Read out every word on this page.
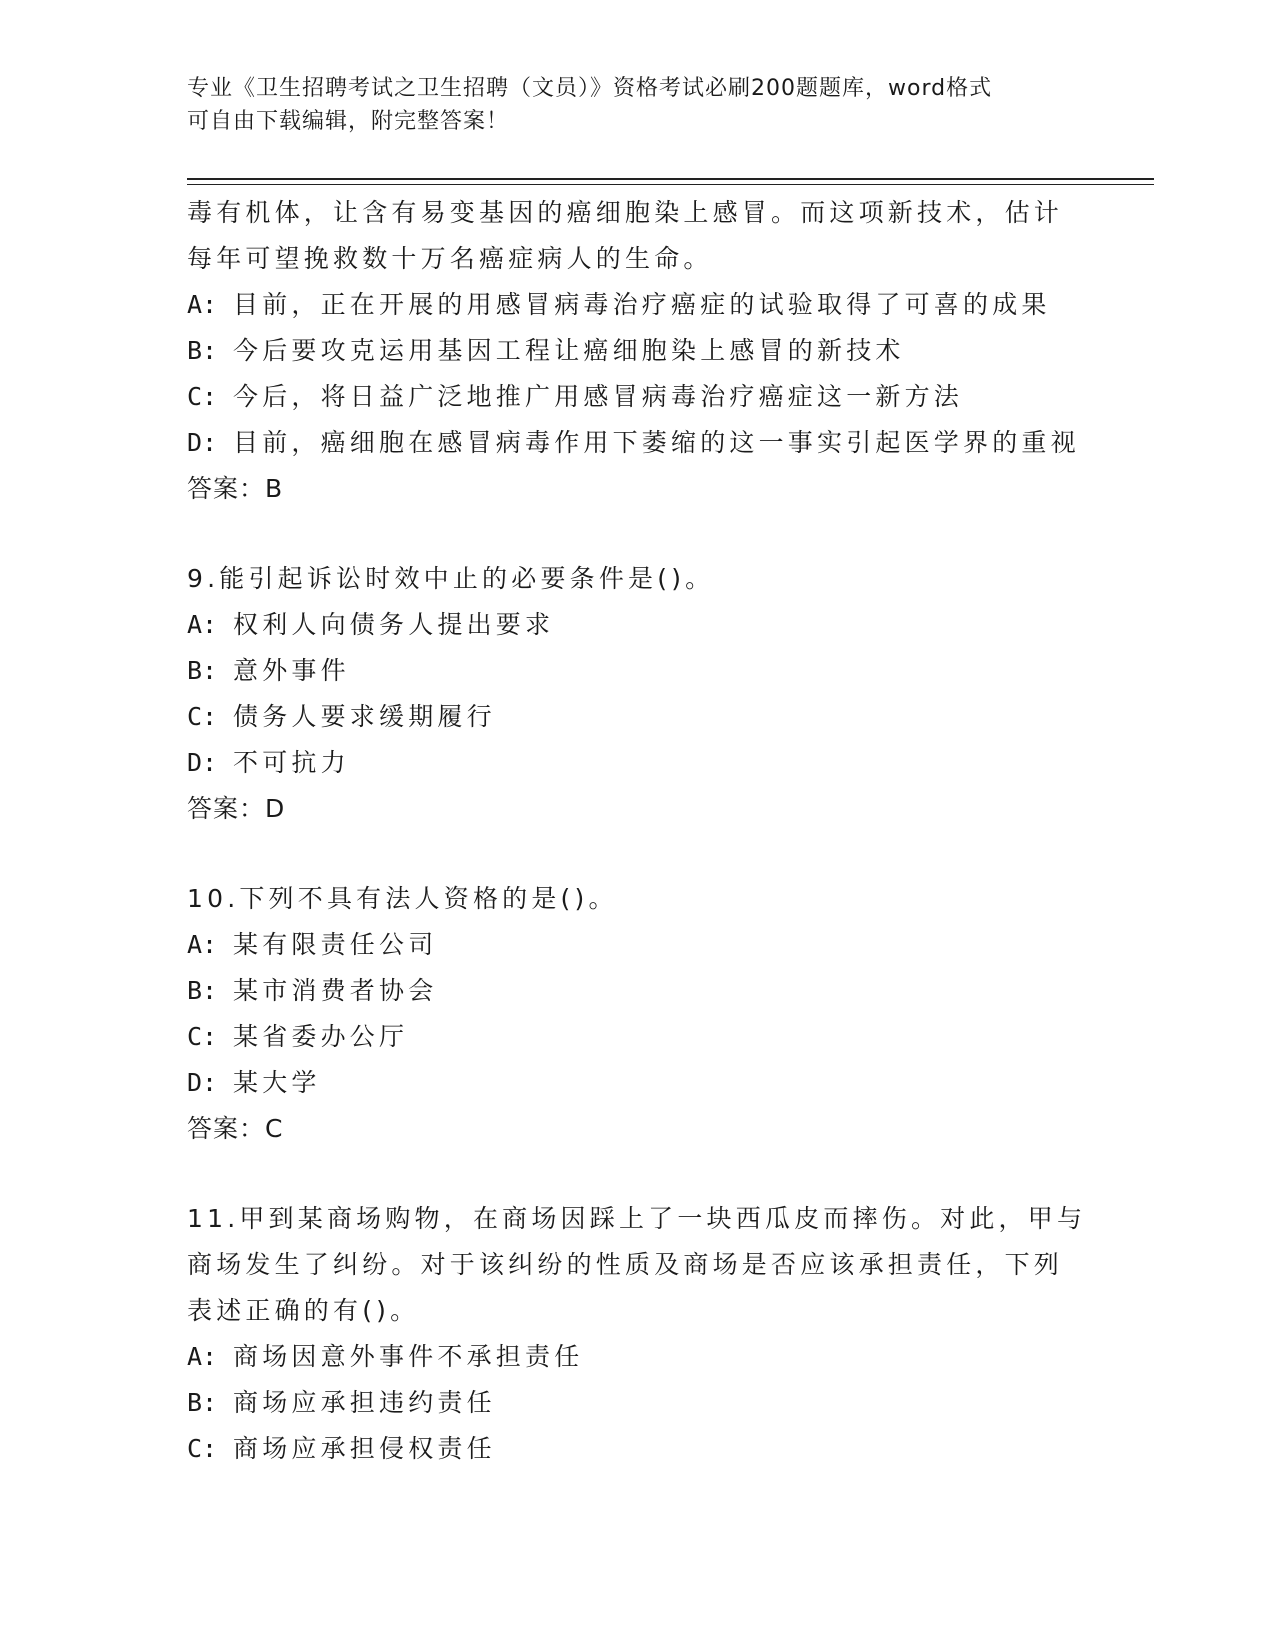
专业《卫生招聘考试之卫生招聘（文员）》资格考试必刷200题题库，word格式
可自由下载编辑，附完整答案！
毒有机体，让含有易变基因的癌细胞染上感冒。而这项新技术，估计
每年可望挽救数十万名癌症病人的生命。
A: 目前，正在开展的用感冒病毒治疗癌症的试验取得了可喜的成果
B: 今后要攻克运用基因工程让癌细胞染上感冒的新技术
C: 今后，将日益广泛地推广用感冒病毒治疗癌症这一新方法
D: 目前，癌细胞在感冒病毒作用下萎缩的这一事实引起医学界的重视
答案：B
9.能引起诉讼时效中止的必要条件是()。
A: 权利人向债务人提出要求
B: 意外事件
C: 债务人要求缓期履行
D: 不可抗力
答案：D
10.下列不具有法人资格的是()。
A: 某有限责任公司
B: 某市消费者协会
C: 某省委办公厅
D: 某大学
答案：C
11.甲到某商场购物，在商场因踩上了一块西瓜皮而摔伤。对此，甲与
商场发生了纠纷。对于该纠纷的性质及商场是否应该承担责任，下列
表述正确的有()。
A: 商场因意外事件不承担责任
B: 商场应承担违约责任
C: 商场应承担侵权责任
